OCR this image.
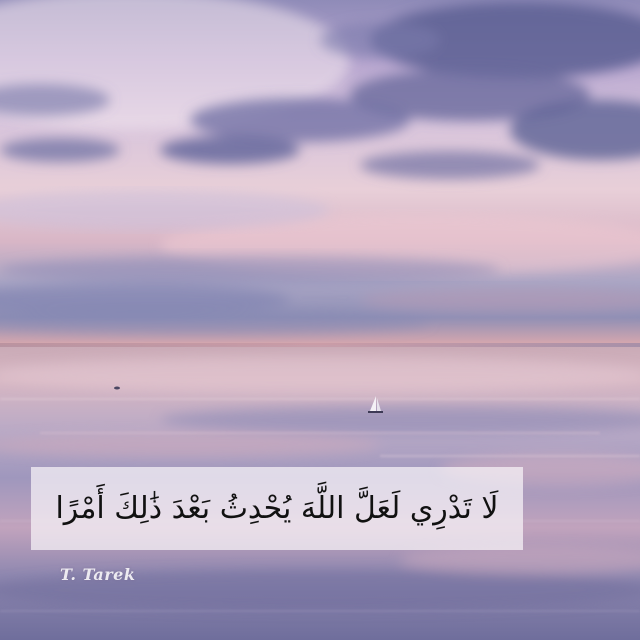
لَا تَدْرِي لَعَلَّ اللَّهَ يُحْدِثُ بَعْدَ ذَٰلِكَ أَمْرًا
T. Tarek
